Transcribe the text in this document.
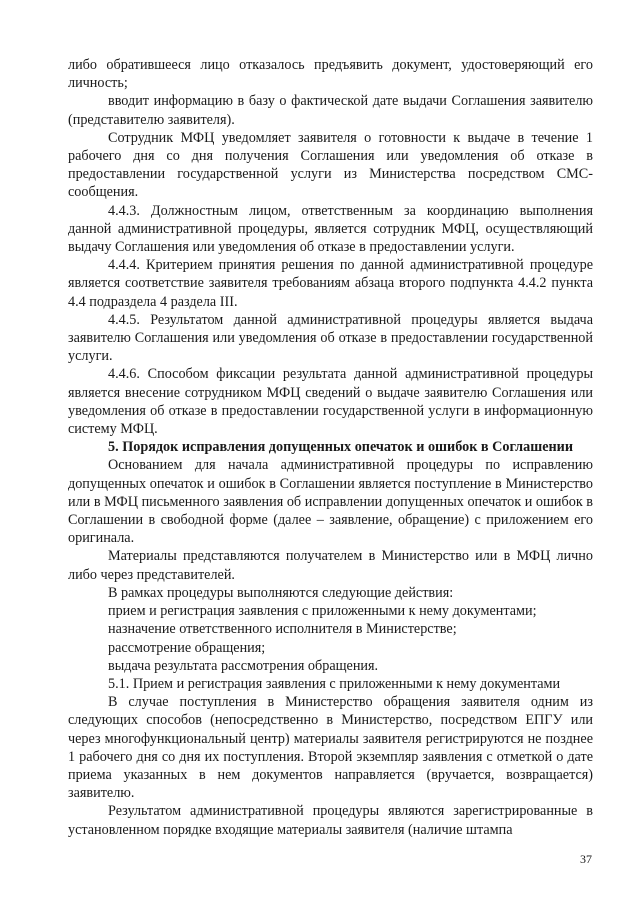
либо обратившееся лицо отказалось предъявить документ, удостоверяющий его личность;

вводит информацию в базу о фактической дате выдачи Соглашения заявителю (представителю заявителя).

Сотрудник МФЦ уведомляет заявителя о готовности к выдаче в течение 1 рабочего дня со дня получения Соглашения или уведомления об отказе в предоставлении государственной услуги из Министерства посредством СМС-сообщения.

4.4.3. Должностным лицом, ответственным за координацию выполнения данной административной процедуры, является сотрудник МФЦ, осуществляющий выдачу Соглашения или уведомления об отказе в предоставлении услуги.

4.4.4. Критерием принятия решения по данной административной процедуре является соответствие заявителя требованиям абзаца второго подпункта 4.4.2 пункта 4.4 подраздела 4 раздела III.

4.4.5. Результатом данной административной процедуры является выдача заявителю Соглашения или уведомления об отказе в предоставлении государственной услуги.

4.4.6. Способом фиксации результата данной административной процедуры является внесение сотрудником МФЦ сведений о выдаче заявителю Соглашения или уведомления об отказе в предоставлении государственной услуги в информационную систему МФЦ.

5. Порядок исправления допущенных опечаток и ошибок в Соглашении

Основанием для начала административной процедуры по исправлению допущенных опечаток и ошибок в Соглашении является поступление в Министерство или в МФЦ письменного заявления об исправлении допущенных опечаток и ошибок в Соглашении в свободной форме (далее – заявление, обращение) с приложением его оригинала.

Материалы представляются получателем в Министерство или в МФЦ лично либо через представителей.

В рамках процедуры выполняются следующие действия:

прием и регистрация заявления с приложенными к нему документами;

назначение ответственного исполнителя в Министерстве;

рассмотрение обращения;

выдача результата рассмотрения обращения.

5.1. Прием и регистрация заявления с приложенными к нему документами

В случае поступления в Министерство обращения заявителя одним из следующих способов (непосредственно в Министерство, посредством ЕПГУ или через многофункциональный центр) материалы заявителя регистрируются не позднее 1 рабочего дня со дня их поступления. Второй экземпляр заявления с отметкой о дате приема указанных в нем документов направляется (вручается, возвращается) заявителю.

Результатом административной процедуры являются зарегистрированные в установленном порядке входящие материалы заявителя (наличие штампа

37
